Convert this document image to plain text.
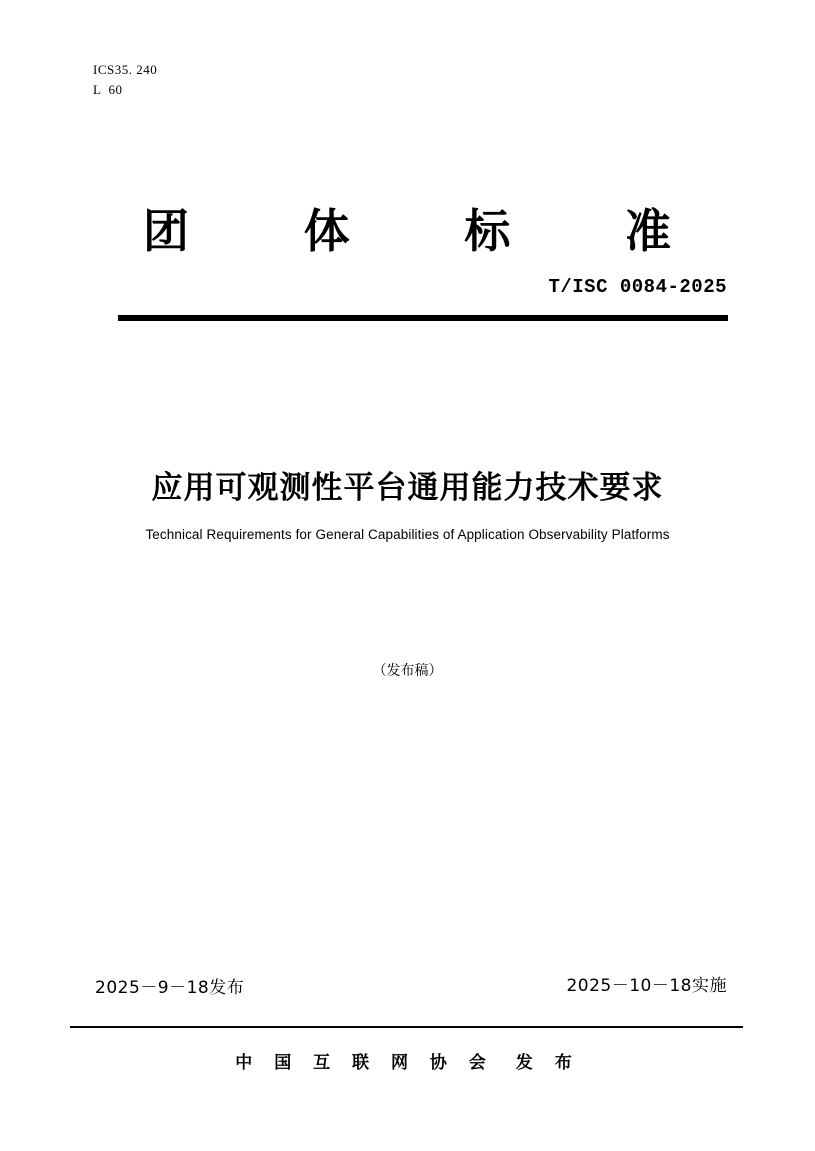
ICS35. 240
L  60
团 体 标 准
T/ISC 0084-2025
应用可观测性平台通用能力技术要求
Technical Requirements for General Capabilities of Application Observability Platforms
（发布稿）
2025－9－18发布	2025－10－18实施
中 国 互 联 网 协 会 发 布
